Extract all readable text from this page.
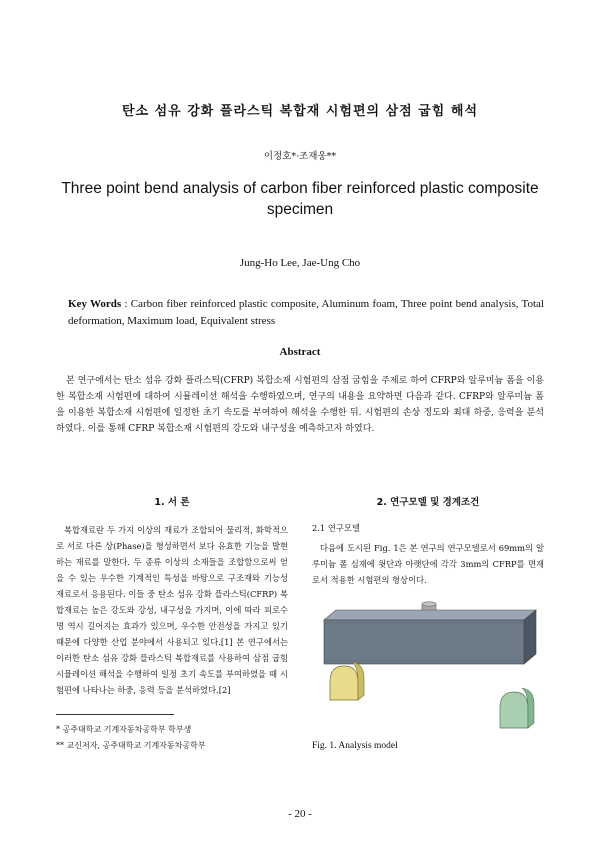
탄소 섬유 강화 플라스틱 복합재 시험편의 삼점 굽힘 해석
이정호*·조재웅**
Three point bend analysis of carbon fiber reinforced plastic composite specimen
Jung-Ho Lee, Jae-Ung Cho
Key Words : Carbon fiber reinforced plastic composite, Aluminum foam, Three point bend analysis, Total deformation, Maximum load, Equivalent stress
Abstract
본 연구에서는 탄소 섬유 강화 플라스틱(CFRP) 복합소재 시험편의 삼점 굽힘을 주제로 하여 CFRP와 알루미늄 폼을 이용한 복합소재 시험편에 대하여 시뮬레이션 해석을 수행하였으며, 연구의 내용을 요약하면 다음과 같다. CFRP와 알루미늄 폼을 이용한 복합소재 시험편에 일정한 초기 속도를 부여하여 해석을 수행한 뒤. 시험편의 손상 정도와 최대 하중, 응력을 분석하였다. 이를 통해 CFRP 복합소재 시험편의 강도와 내구성을 예측하고자 하였다.
1. 서 론	2. 연구모델 및 경계조건
복합재료란 두 가지 이상의 재료가 조합되어 물리적, 화학적으로 서로 다른 상(Phase)을 형성하면서 보다 유효한 기능을 발현하는 재료를 말한다. 두 종류 이상의 소재들을 조합함으로써 얻을 수 있는 우수한 기계적인 특성을 바탕으로 구조재와 기능성 재료로서 응용된다. 이들 중 탄소 섬유 강화 플라스틱(CFRP) 복합재료는 높은 강도와 강성, 내구성을 가지며, 이에 따라 피로수명 역시 길어지는 효과가 있으며, 우수한 안전성을 가지고 있기 때문에 다양한 산업 분야에서 사용되고 있다.[1] 본 연구에서는 이러한 탄소 섬유 강화 플라스틱 복합재료를 사용하여 삼점 굽힘 시뮬레이션 해석을 수행하여 일정 초기 속도를 부여하였을 때 시험편에 나타나는 하중, 응력 등을 분석하였다.[2]
2.1 연구모델
다음에 도시된 Fig. 1은 본 연구의 연구모델로서 69mm의 알루미늄 폼 심재에 윗단과 아랫단에 각각 3mm의 CFRP를 면재로서 적용한 시험편의 형상이다.
* 공주대학교 기계자동차공학부 학부생
** 교신저자, 공주대학교 기계자동차공학부	Fig. 1. Analysis model
- 20 -
